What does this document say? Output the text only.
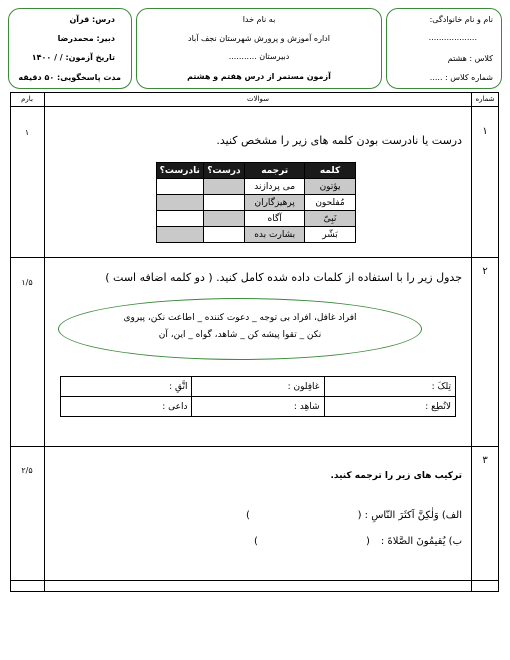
نام و نام خانوادگی:
...................
کلاس : هشتم
شماره کلاس : .....
به نام خدا
اداره آموزش و پرورش شهرستان نجف آباد
دبیرستان ...........
آزمون مستمر از درس هفتم و هشتم
درس: قرآن
دبیر: محمدرضا
تاریخ آزمون: / / ۱۴۰۰
مدت پاسخگویی: ۵۰ دقیقه
شماره
سوالات
بارم
۱
۱
درست یا نادرست بودن کلمه های زیر را مشخص کنید.
کلمه	ترجمه	درست؟	نادرست؟
یؤتون	می پردازند		
مُفلحون	پرهیزگاران		
نَبِیّ	آگاه		
بَشّر	بشارت بده		
۲
۱/۵	جدول زیر را با استفاده از کلمات داده شده کامل کنید. ( دو کلمه اضافه است )
افراد غافل، افراد بی توجه _ دعوت کننده _ اطاعت نکن، پیروی
نکن _ تقوا پیشه کن _ شاهد، گواه _ این، آن
تِلکَ :	غافِلون :	اتَّقِ :
لاتُطِع :	شاهِد :	داعی :
۳
۲/۵
ترکیب های زیر را ترجمه کنید.
الف) وَلٰکِنَّ اَکثَرَ النّاسِ : (
)
ب) یُقیمُونَ الصَّلاةَ :
(
)
